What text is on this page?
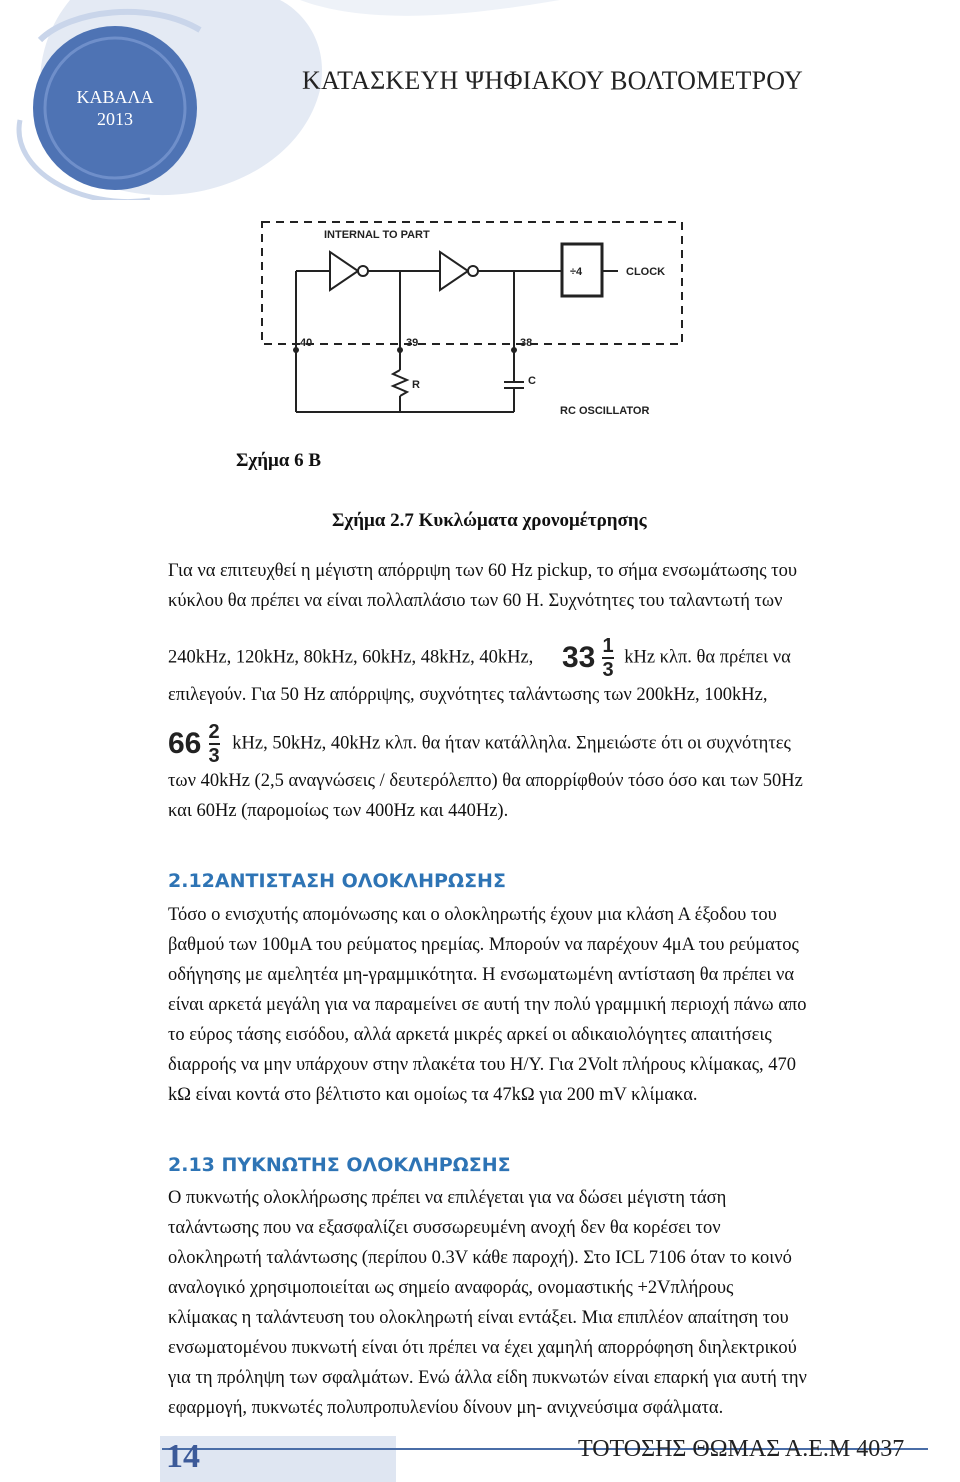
ΚΑΒΑΛΑ
2013
ΚΑΤΑΣΚΕΥΗ ΨΗΦΙΑΚΟΥ ΒΟΛΤΟΜΕΤΡΟΥ
INTERNAL TO PART
÷4	CLOCK
40	39	38
R	C
RC OSCILLATOR
Σχήμα 6 Β
Σχήμα 2.7 Κυκλώματα χρονομέτρησης

Για να επιτευχθεί η μέγιστη απόρριψη των 60 Hz pickup, το σήμα ενσωμάτωσης του

κύκλου θα πρέπει να είναι πολλαπλάσιο των 60 Η. Συχνότητες του ταλαντωτή των

240kHz, 120kHz, 80kHz, 60kHz, 48kHz, 40kHz, $33 \frac{1}{3}$ kHz κλπ. θα πρέπει να

επιλεγούν. Για 50 Hz απόρριψης, συχνότητες ταλάντωσης των 200kHz, 100kHz,

$66 \frac{2}{3}$ kHz, 50kHz, 40kHz κλπ. θα ήταν κατάλληλα. Σημειώστε ότι οι συχνότητες

των 40kHz (2,5 αναγνώσεις / δευτερόλεπτο) θα απορρίφθούν τόσο όσο και των 50Hz

και 60Hz (παρομοίως των 400Hz και 440Hz).

2.12ΑΝΤΙΣΤΑΣΗ ΟΛΟΚΛΗΡΩΣΗΣ

Τόσο ο ενισχυτής απομόνωσης και ο ολοκληρωτής έχουν μια κλάση Α έξοδου του

βαθμού των 100μΑ του ρεύματος ηρεμίας. Μπορούν να παρέχουν 4μΑ του ρεύματος

οδήγησης με αμελητέα μη-γραμμικότητα. Η ενσωματωμένη αντίσταση θα πρέπει να

είναι αρκετά μεγάλη για να παραμείνει σε αυτή την πολύ γραμμική περιοχή πάνω απο

το εύρος τάσης εισόδου, αλλά αρκετά μικρές αρκεί οι αδικαιολόγητες απαιτήσεις

διαρροής να μην υπάρχουν στην πλακέτα του Η/Υ. Για 2Volt πλήρους κλίμακας, 470

kΩ είναι κοντά στο βέλτιστο και ομοίως τα 47kΩ για 200 mV κλίμακα.

2.13 ΠΥΚΝΩΤΗΣ ΟΛΟΚΛΗΡΩΣΗΣ

Ο πυκνωτής ολοκλήρωσης πρέπει να επιλέγεται για να δώσει μέγιστη τάση

ταλάντωσης που να εξασφαλίζει συσσωρευμένη ανοχή δεν θα κορέσει τον

ολοκληρωτή ταλάντωσης (περίπου 0.3V κάθε παροχή). Στο ICL 7106 όταν το κοινό

αναλογικό χρησιμοποιείται ως σημείο αναφοράς, ονομαστικής +2Vπλήρους

κλίμακας η ταλάντευση του ολοκληρωτή είναι εντάξει. Μια επιπλέον απαίτηση του

ενσωματομένου πυκνωτή είναι ότι πρέπει να έχει χαμηλή απορρόφηση διηλεκτρικού

για τη πρόληψη των σφαλμάτων. Ενώ άλλα είδη πυκνωτών είναι επαρκή για αυτή την

εφαρμογή, πυκνωτές πολυπροπυλενίου δίνουν μη- ανιχνεύσιμα σφάλματα.

14	ΤΟΤΟΣΗΣ ΘΩΜΑΣ Α.Ε.Μ 4037
